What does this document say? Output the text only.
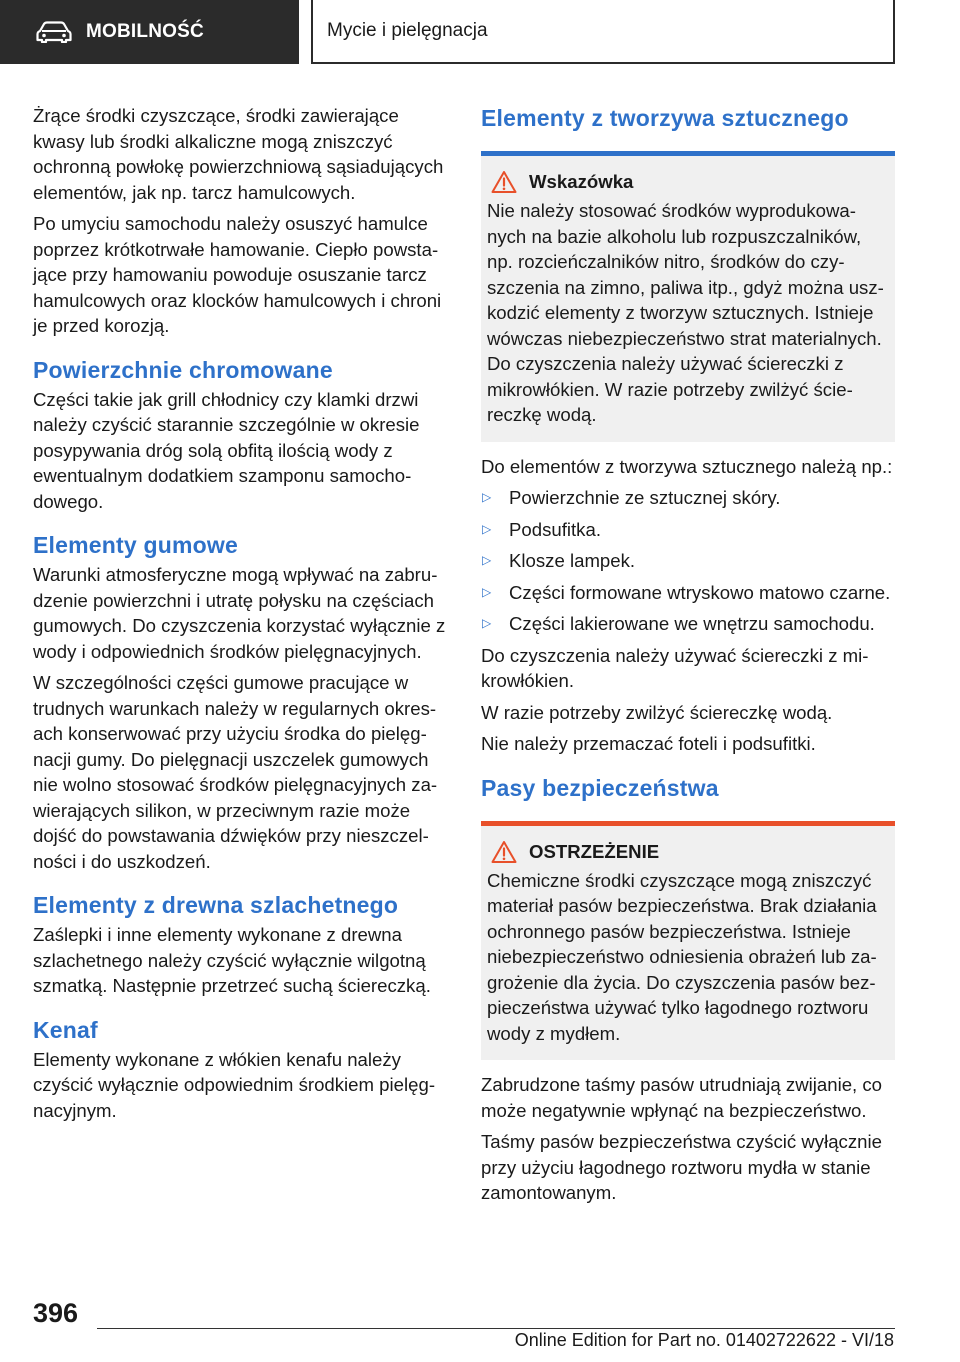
MOBILNOŚĆ	Mycie i pielęgnacja

Żrące środki czyszczące, środki zawierające kwasy lub środki alkaliczne mogą zniszczyć ochronną powłokę powierzchniową sąsiadujących elementów, jak np. tarcz hamulcowych.

Po umyciu samochodu należy osuszyć hamulce poprzez krótkotrwałe hamowanie. Ciepło powstające przy hamowaniu powoduje osuszanie tarcz hamulcowych oraz klocków hamulcowych i chroni je przed korozją.

Powierzchnie chromowane

Części takie jak grill chłodnicy czy klamki drzwi należy czyścić starannie szczególnie w okresie posypywania dróg solą obfitą ilością wody z ewentualnym dodatkiem szamponu samochodowego.

Elementy gumowe

Warunki atmosferyczne mogą wpływać na zabrudzenie powierzchni i utratę połysku na częściach gumowych. Do czyszczenia korzystać wyłącznie z wody i odpowiednich środków pielęgnacyjnych.

W szczególności części gumowe pracujące w trudnych warunkach należy w regularnych okresach konserwować przy użyciu środka do pielęgnacji gumy. Do pielęgnacji uszczelek gumowych nie wolno stosować środków pielęgnacyjnych zawierających silikon, w przeciwnym razie może dojść do powstawania dźwięków przy nieszczelności i do uszkodzeń.

Elementy z drewna szlachetnego

Zaślepki i inne elementy wykonane z drewna szlachetnego należy czyścić wyłącznie wilgotną szmatką. Następnie przetrzeć suchą ściereczką.

Kenaf

Elementy wykonane z włókien kenafu należy czyścić wyłącznie odpowiednim środkiem pielęgnacyjnym.

Elementy z tworzywa sztucznego
Wskazówka

Nie należy stosować środków wyprodukowanych na bazie alkoholu lub rozpuszczalników, np. rozcieńczalników nitro, środków do czyszczenia na zimno, paliwa itp., gdyż można uszkodzić elementy z tworzyw sztucznych. Istnieje wówczas niebezpieczeństwo strat materialnych. Do czyszczenia należy używać ściereczki z mikrowłókien. W razie potrzeby zwilżyć ściereczkę wodą.

Do elementów z tworzywa sztucznego należą np.:

▷ Powierzchnie ze sztucznej skóry.
▷ Podsufitka.
▷ Klosze lampek.
▷ Części formowane wtryskowo matowo czarne.
▷ Części lakierowane we wnętrzu samochodu.

Do czyszczenia należy używać ściereczki z mikrowłókien.

W razie potrzeby zwilżyć ściereczkę wodą.

Nie należy przemaczać foteli i podsufitki.

Pasy bezpieczeństwa
OSTRZEŻENIE

Chemiczne środki czyszczące mogą zniszczyć materiał pasów bezpieczeństwa. Brak działania ochronnego pasów bezpieczeństwa. Istnieje niebezpieczeństwo odniesienia obrażeń lub zagrożenie dla życia. Do czyszczenia pasów bezpieczeństwa używać tylko łagodnego roztworu wody z mydłem.

Zabrudzone taśmy pasów utrudniają zwijanie, co może negatywnie wpłynąć na bezpieczeństwo.

Taśmy pasów bezpieczeństwa czyścić wyłącznie przy użyciu łagodnego roztworu mydła w stanie zamontowanym.

396
Online Edition for Part no. 01402722622 - VI/18
